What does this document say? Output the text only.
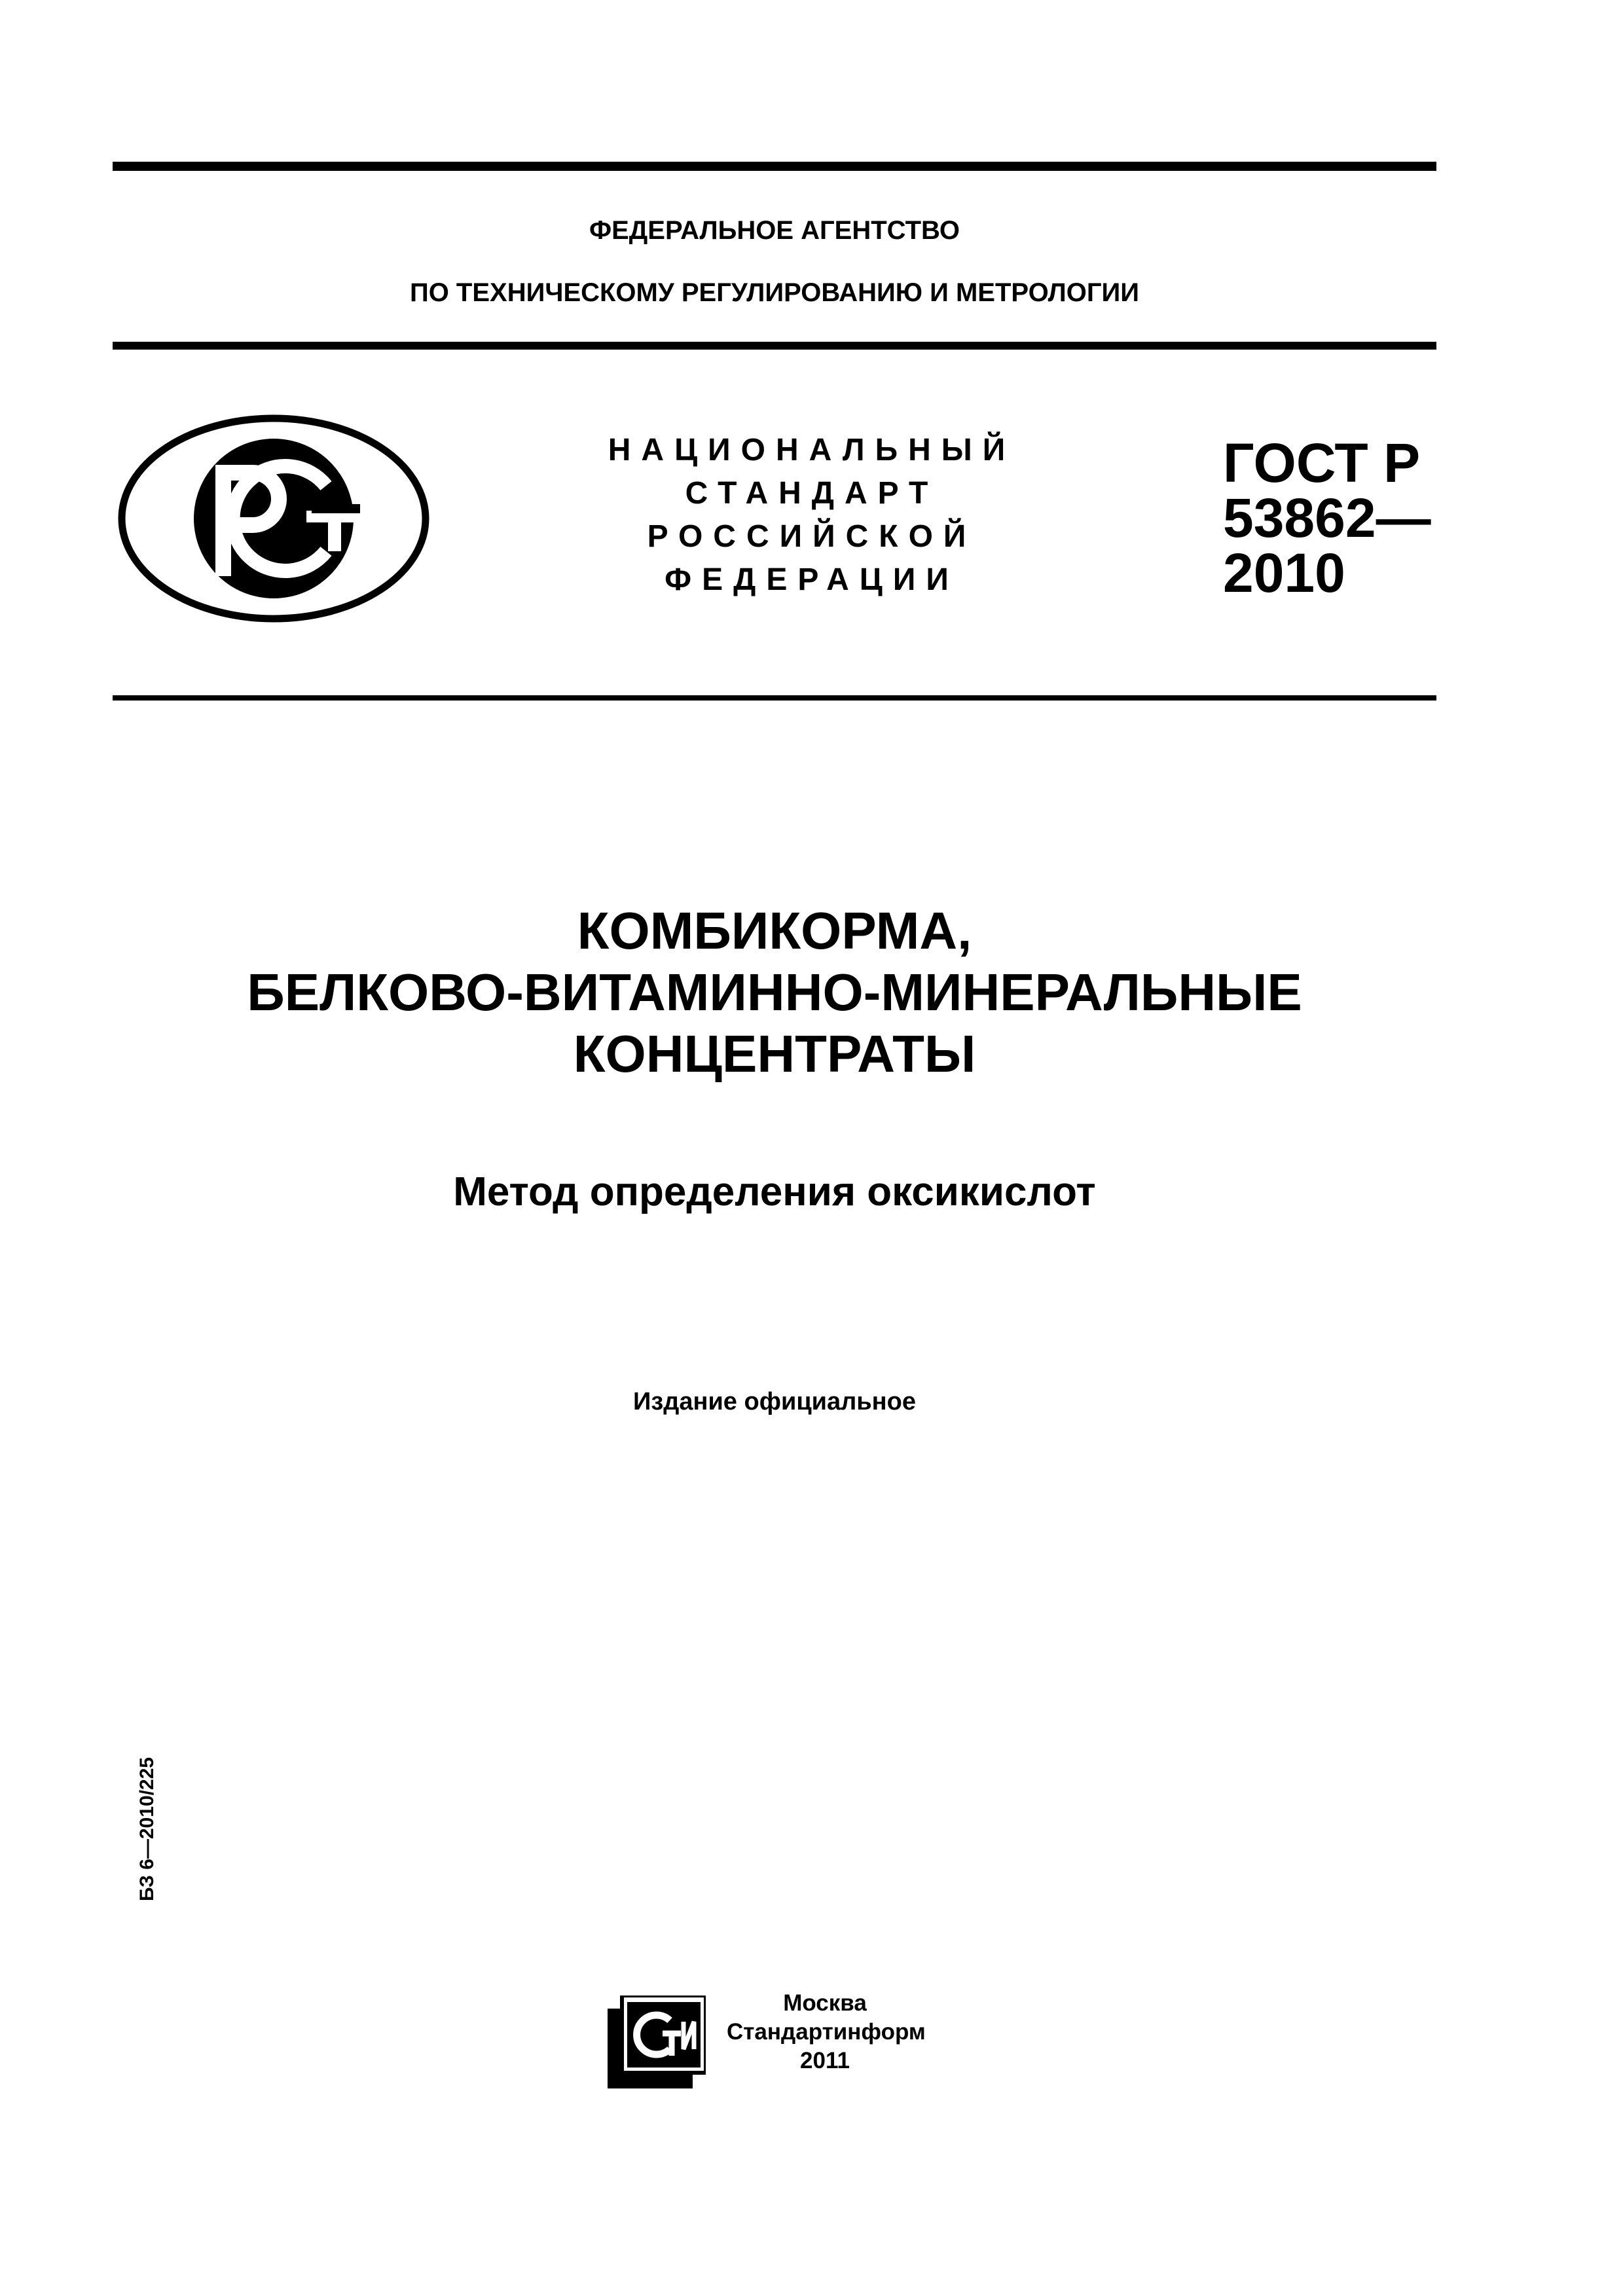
ФЕДЕРАЛЬНОЕ АГЕНТСТВО
ПО ТЕХНИЧЕСКОМУ РЕГУЛИРОВАНИЮ И МЕТРОЛОГИИ
НАЦИОНАЛЬНЫЙ
СТАНДАРТ
РОССИЙСКОЙ
ФЕДЕРАЦИИ
ГОСТ Р
53862—
2010
КОМБИКОРМА,
БЕЛКОВО-ВИТАМИННО-МИНЕРАЛЬНЫЕ
КОНЦЕНТРАТЫ
Метод определения оксикислот
Издание официальное
БЗ 6—2010/225
Москва
Стандартинформ
2011
